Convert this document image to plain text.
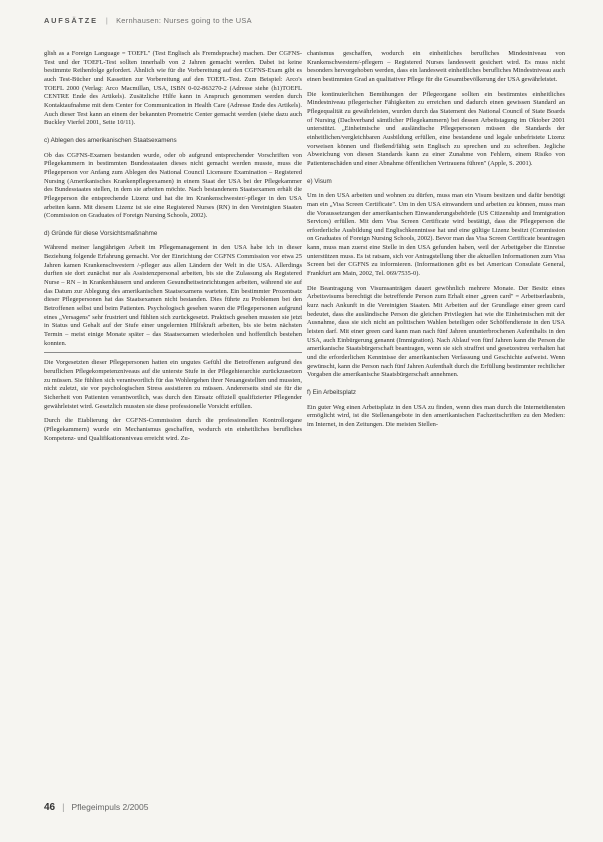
AUFSÄTZE | Kernhausen: Nurses going to the USA

glish as a Foreign Language = TOEFL" (Test Englisch als Fremdsprache) machen. Der CGFNS-Test und der TOEFL-Test sollten innerhalb von 2 Jahren gemacht werden. Dabei ist keine bestimmte Reihenfolge gefordert. Ähnlich wie für die Vorbereitung auf den CGFNS-Exam gibt es auch Test-Bücher und Kassetten zur Vorbereitung auf den TOEFL-Test. Zum Beispiel: Arco's TOEFL 2000 (Verlag: Arco Macmillan, USA, ISBN 0-02-863270-2 (Adresse siehe (h1)TOEFL CENTRE Ende des Artikels). Zusätzliche Hilfe kann in Anspruch genommen werden durch Kontaktaufnahme mit dem Center for Communication in Health Care (Adresse Ende des Artikels). Auch dieser Test kann an einem der bekannten Prometric Center gemacht werden (siehe dazu auch Buckley Vierfel 2001, Seite 10/11).

c) Ablegen des amerikanischen Staatsexamens

Ob das CGFNS-Examen bestanden wurde, oder ob aufgrund entsprechender Vorschriften von Pflegekammern in bestimmten Bundesstaaten dieses nicht gemacht werden musste, muss die Pflegeperson vor Anfang zum Ablegen des National Council Licensure Examination – Registered Nursing (Amerikanisches Krankenpflegeexamen) in einem Staat der USA bei der Pflegekammer des Bundesstaates stellen, in dem sie arbeiten möchte. Nach bestandenem Staatsexamen erhält die Pflegeperson die entsprechende Lizenz und hat die im Krankenschwester/-pfleger in den USA arbeiten kann. Mit diesem Lizenz ist sie eine Registered Nurses (RN) in den Vereinigten Staaten (Commission on Graduates of Foreign Nursing Schools, 2002).

d) Gründe für diese Vorsichtsmaßnahme

Während meiner langjährigen Arbeit im Pflegemanagement in den USA habe ich in dieser Beziehung folgende Erfahrung gemacht. Vor der Einrichtung der CGFNS Commission vor etwa 25 Jahren kamen Krankenschwestern /-pfleger aus allen Ländern der Welt in die USA. Allerdings durften sie dort zunächst nur als Assistenzpersonal arbeiten, bis sie die Zulassung als Registered Nurse – RN – in Krankenhäusern und anderen Gesundheitseinrichtungen arbeiten, während sie auf das Datum zur Ablegung des amerikanischen Staatsexamens warteten. Ein bestimmter Prozentsatz dieser Pflegepersonen hat das Staatsexamen nicht bestanden. Dies führte zu Problemen bei den Betroffenen selbst und beim Patienten. Psychologisch gesehen waren die Pflegepersonen aufgrund eines „Versagens" sehr frustriert und fühlten sich zurückgesetzt. Praktisch gesehen mussten sie jetzt in Status und Gehalt auf der Stufe einer ungelernten Hilfskraft arbeiten, bis sie beim nächsten Termin – meist einige Monate später – das Staatsexamen wiederholen und hoffentlich bestehen konnten.

Die Vorgesetzten dieser Pflegepersonen hatten ein ungutes Gefühl die Betroffenen aufgrund des beruflichen Pflegekompetenzniveaus auf die unterste Stufe in der Pflegehierarchie zurückzusetzen zu müssen. Sie fühlten sich verantwortlich für das Wohlergehen ihrer Neuangestellten und mussten, nicht zuletzt, sie vor psychologischen Stress assistieren zu müssen. Andererseits sind sie für die Sicherheit von Patienten verantwortlich, was durch den Einsatz offiziell qualifizierter Pflegender gewährleistet wird. Gesetzlich mussten sie diese professionelle Vorsicht erfüllen.

Durch die Etablierung der CGFNS-Commission durch die professionellen Kontrollorgane (Pflegekammern) wurde ein Mechanismus geschaffen, wodurch ein einheitliches berufliches Kompetenz- und Qualifikationsniveau erreicht wird. Zu-

chanismus geschaffen, wodurch ein einheitliches berufliches Mindestniveau von Krankenschwestern/-pflegern – Registered Nurses landesweit gesichert wird. Es muss nicht besonders hervorgehoben werden, dass ein landesweit einheitliches berufliches Mindestniveau auch einen bestimmten Grad an qualitativer Pflege für die Gesamtbevölkerung der USA gewährleistet.

Die kontinuierlichen Bemühungen der Pflegeorgane sollten ein bestimmtes einheitliches Mindestniveau pflegerischer Fähigkeiten zu erreichen und dadurch einen gewissen Standard an Pflegequalität zu gewährleisten, wurden durch das Statement des National Council of State Boards of Nursing (Dachverband sämtlicher Pflegekammern) bei dessen Arbeitstagung im Oktober 2001 unterstützt. „Einheimische und ausländische Pflegepersonen müssen die Standards der einheitlichen/vergleichbaren Ausbildung erfüllen, eine bestandene und legale unbefristete Lizenz vorweisen können und fließend/fähig sein Englisch zu sprechen und zu schreiben. Jegliche Abweichung von diesen Standards kann zu einer Zunahme von Fehlern, einem Risiko von Patientenschäden und einer Abnahme öffentlichen Vertrauens führen" (Apple, S. 2001).

e) Visum

Um in den USA arbeiten und wohnen zu dürfen, muss man ein Visum besitzen und dafür benötigt man ein „Visa Screen Certificate". Um in den USA einwandern und arbeiten zu können, muss man die Voraussetzungen der amerikanischen Einwanderungsbehörde (US Citizenship and Immigration Services) erfüllen. Mit dem Visa Screen Certificate wird bestätigt, dass die Pflegeperson die erforderliche Ausbildung und Englischkenntnisse hat und eine gültige Lizenz besitzt (Commission on Graduates of Foreign Nursing Schools, 2002). Bevor man das Visa Screen Certificate beantragen kann, muss man zuerst eine Stelle in den USA gefunden haben, weil der Arbeitgeber die Einreise unterstützen muss. Es ist ratsam, sich vor Antragstellung über die aktuellen Informationen zum Visa Screen bei der CGFNS zu informieren. (Informationen gibt es bei American Consulate General, Frankfurt am Main, 2002, Tel. 069/7535-0).

Die Beantragung von Visumsanträgen dauert gewöhnlich mehrere Monate. Der Besitz eines Arbeitsvisums berechtigt die betreffende Person zum Erhalt einer „green card" = Arbeitserlaubnis, kurz nach Ankunft in die Vereinigten Staaten. Mit Arbeiten auf der Grundlage einer green card bedeutet, dass die ausländische Person die gleichen Privilegien hat wie die Einheimischen mit der Ausnahme, dass sie sich nicht an politischen Wahlen beteiligen oder Schöffendienste in den USA leisten darf. Mit einer green card kann man nach fünf Jahren ununterbrochenen Aufenthalts in den USA, auch Einbürgerung genannt (Immigration). Nach Ablauf von fünf Jahren kann die Person die amerikanische Staatsbürgerschaft beantragen, wenn sie sich straffrei und gesetzestreu verhalten hat und die erforderlichen Kenntnisse der amerikanischen Verfassung und Geschichte aufweist. Wenn gewünscht, kann die Person nach fünf Jahren Aufenthalt durch die Erfüllung bestimmter rechtlicher Vorgaben die amerikanische Staatsbürgerschaft annehmen.

f) Ein Arbeitsplatz

Ein guter Weg einen Arbeitsplatz in den USA zu finden, wenn dies man durch die Internetdiensten ermöglicht wird, ist die Stellenangebote in den amerikanischen Fachzeitschriften zu den Medien: im Internet, in den Zeitungen. Die meisten Stellen-

46 | Pflegeimpuls 2/2005
